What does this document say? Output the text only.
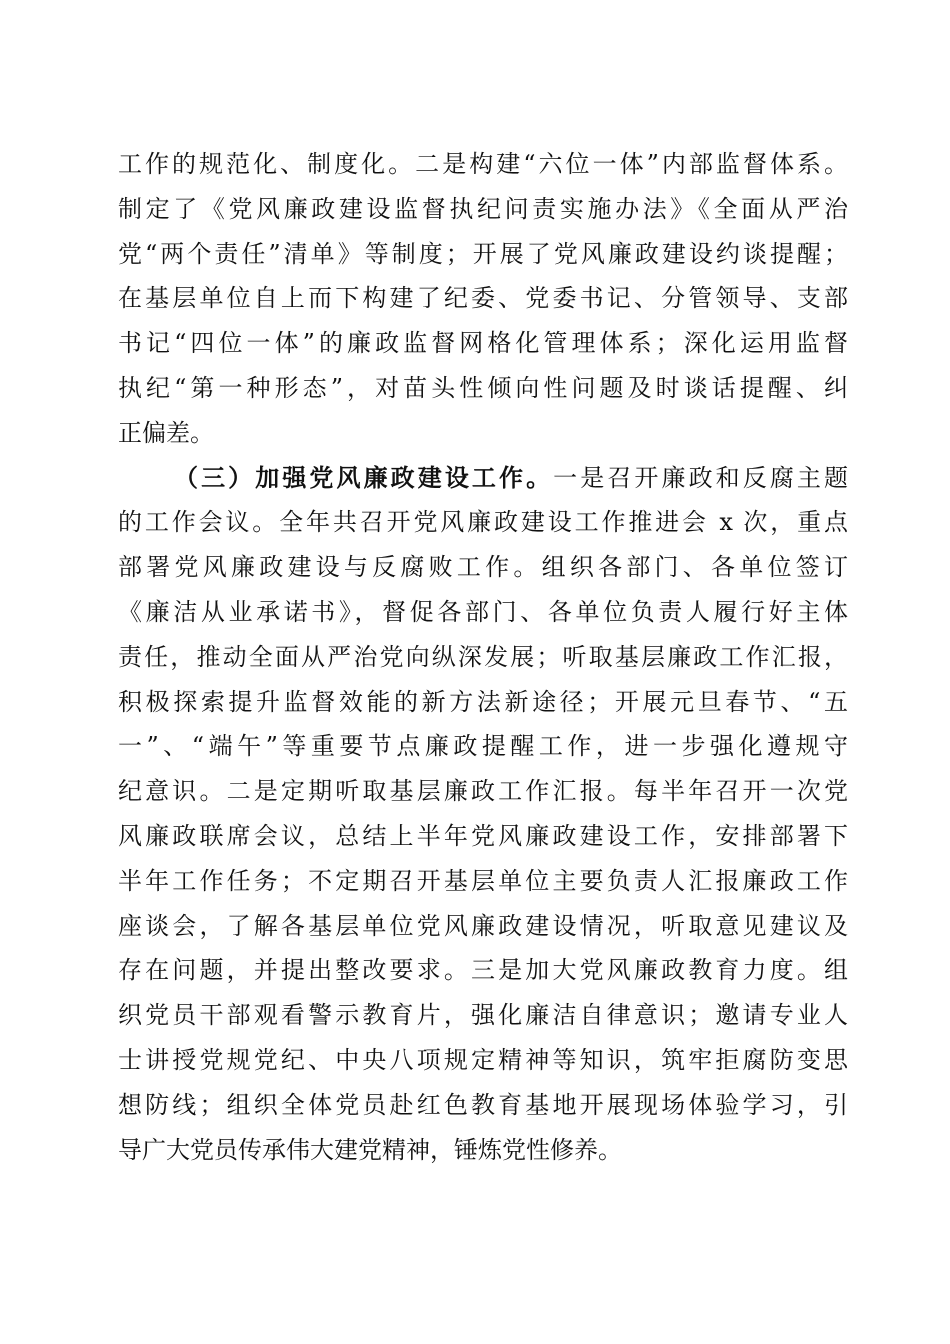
工作的规范化、制度化。二是构建“六位一体”内部监督体系。
制定了《党风廉政建设监督执纪问责实施办法》《全面从严治
党“两个责任”清单》等制度；开展了党风廉政建设约谈提醒；
在基层单位自上而下构建了纪委、党委书记、分管领导、支部
书记“四位一体”的廉政监督网格化管理体系；深化运用监督
执纪“第一种形态”，对苗头性倾向性问题及时谈话提醒、纠
正偏差。
（三）加强党风廉政建设工作。一是召开廉政和反腐主题
的工作会议。全年共召开党风廉政建设工作推进会 x 次，重点
部署党风廉政建设与反腐败工作。组织各部门、各单位签订
《廉洁从业承诺书》，督促各部门、各单位负责人履行好主体
责任，推动全面从严治党向纵深发展；听取基层廉政工作汇报，
积极探索提升监督效能的新方法新途径；开展元旦春节、“五
一”、“端午”等重要节点廉政提醒工作，进一步强化遵规守
纪意识。二是定期听取基层廉政工作汇报。每半年召开一次党
风廉政联席会议，总结上半年党风廉政建设工作，安排部署下
半年工作任务；不定期召开基层单位主要负责人汇报廉政工作
座谈会，了解各基层单位党风廉政建设情况，听取意见建议及
存在问题，并提出整改要求。三是加大党风廉政教育力度。组
织党员干部观看警示教育片，强化廉洁自律意识；邀请专业人
士讲授党规党纪、中央八项规定精神等知识，筑牢拒腐防变思
想防线；组织全体党员赴红色教育基地开展现场体验学习，引
导广大党员传承伟大建党精神，锤炼党性修养。
